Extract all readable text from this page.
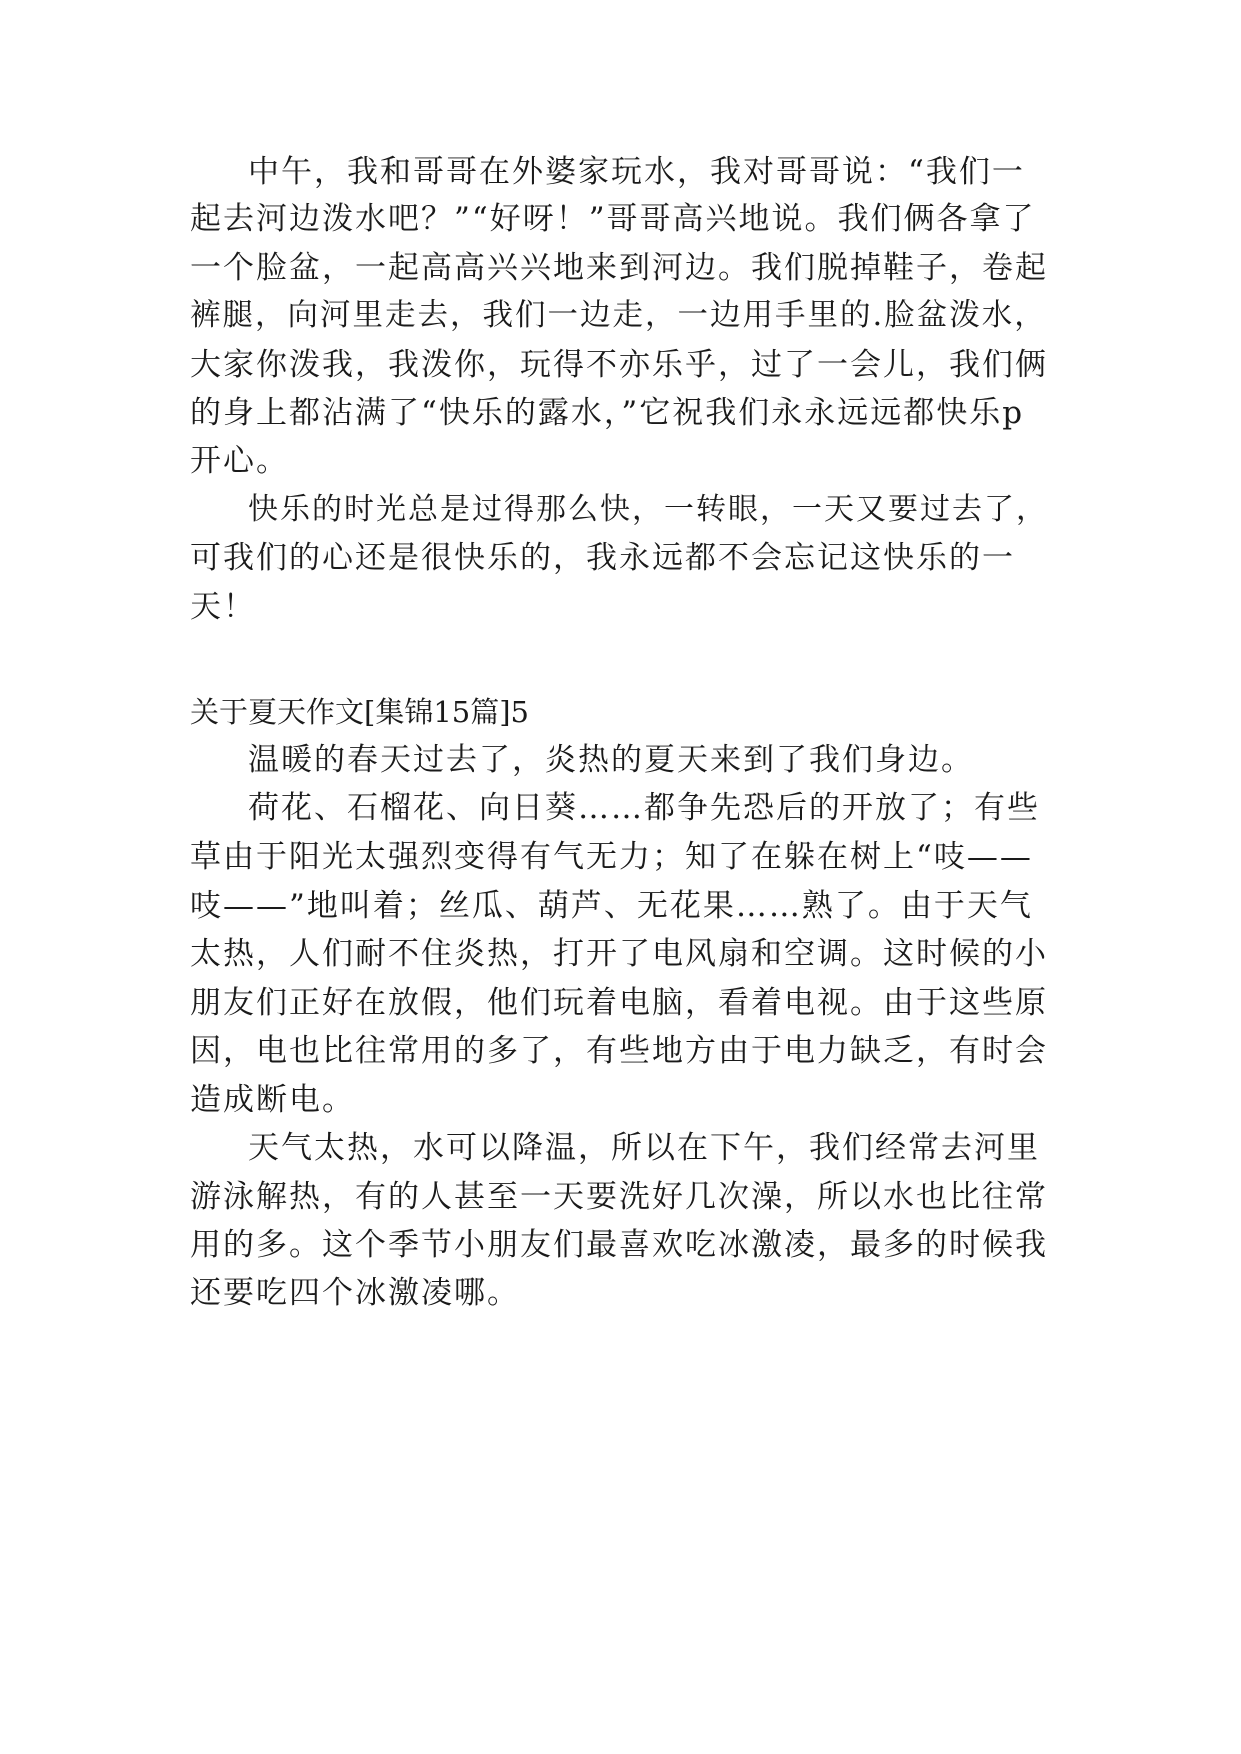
中午，我和哥哥在外婆家玩水，我对哥哥说：“我们一
起去河边泼水吧？”“好呀！”哥哥高兴地说。我们俩各拿了
一个脸盆，一起高高兴兴地来到河边。我们脱掉鞋子，卷起
裤腿，向河里走去，我们一边走，一边用手里的.脸盆泼水，
大家你泼我，我泼你，玩得不亦乐乎，过了一会儿，我们俩
的身上都沾满了“快乐的露水，”它祝我们永永远远都快乐p
开心。
快乐的时光总是过得那么快，一转眼，一天又要过去了，
可我们的心还是很快乐的，我永远都不会忘记这快乐的一
天！
关于夏天作文[集锦15篇]5
温暖的春天过去了，炎热的夏天来到了我们身边。
荷花、石榴花、向日葵……都争先恐后的开放了；有些
草由于阳光太强烈变得有气无力；知了在躲在树上“吱——
吱——”地叫着；丝瓜、葫芦、无花果……熟了。由于天气
太热，人们耐不住炎热，打开了电风扇和空调。这时候的小
朋友们正好在放假，他们玩着电脑，看着电视。由于这些原
因，电也比往常用的多了，有些地方由于电力缺乏，有时会
造成断电。
天气太热，水可以降温，所以在下午，我们经常去河里
游泳解热，有的人甚至一天要洗好几次澡，所以水也比往常
用的多。这个季节小朋友们最喜欢吃冰激凌，最多的时候我
还要吃四个冰激凌哪。
